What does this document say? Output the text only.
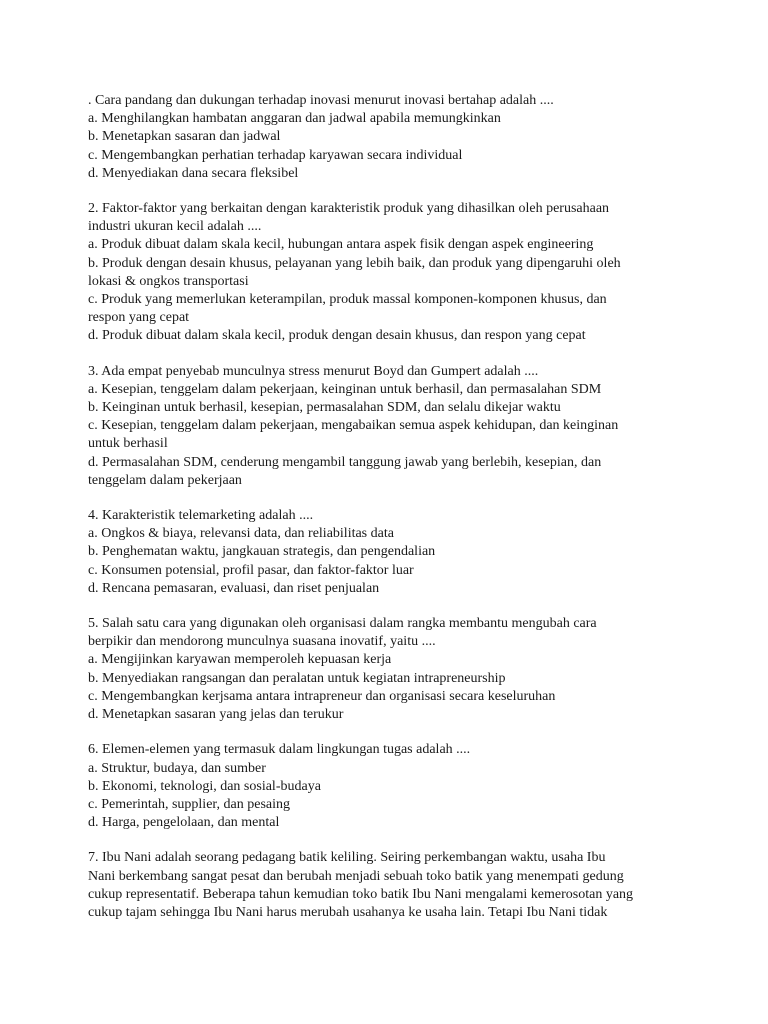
. Cara pandang dan dukungan terhadap inovasi menurut inovasi bertahap adalah ....
a. Menghilangkan hambatan anggaran dan jadwal apabila memungkinkan
b. Menetapkan sasaran dan jadwal
c. Mengembangkan perhatian terhadap karyawan secara individual
d. Menyediakan dana secara fleksibel
2. Faktor-faktor yang berkaitan dengan karakteristik produk yang dihasilkan oleh perusahaan
industri ukuran kecil adalah ....
a. Produk dibuat dalam skala kecil, hubungan antara aspek fisik dengan aspek engineering
b. Produk dengan desain khusus, pelayanan yang lebih baik, dan produk yang dipengaruhi oleh
lokasi & ongkos transportasi
c. Produk yang memerlukan keterampilan, produk massal komponen-komponen khusus, dan
respon yang cepat
d. Produk dibuat dalam skala kecil, produk dengan desain khusus, dan respon yang cepat
3. Ada empat penyebab munculnya stress menurut Boyd dan Gumpert adalah ....
a. Kesepian, tenggelam dalam pekerjaan, keinginan untuk berhasil, dan permasalahan SDM
b. Keinginan untuk berhasil, kesepian, permasalahan SDM, dan selalu dikejar waktu
c. Kesepian, tenggelam dalam pekerjaan, mengabaikan semua aspek kehidupan, dan keinginan
untuk berhasil
d. Permasalahan SDM, cenderung mengambil tanggung jawab yang berlebih, kesepian, dan
tenggelam dalam pekerjaan
4. Karakteristik telemarketing adalah ....
a. Ongkos & biaya, relevansi data, dan reliabilitas data
b. Penghematan waktu, jangkauan strategis, dan pengendalian
c. Konsumen potensial, profil pasar, dan faktor-faktor luar
d. Rencana pemasaran, evaluasi, dan riset penjualan
5. Salah satu cara yang digunakan oleh organisasi dalam rangka membantu mengubah cara
berpikir dan mendorong munculnya suasana inovatif, yaitu ....
a. Mengijinkan karyawan memperoleh kepuasan kerja
b. Menyediakan rangsangan dan peralatan untuk kegiatan intrapreneurship
c. Mengembangkan kerjsama antara intrapreneur dan organisasi secara keseluruhan
d. Menetapkan sasaran yang jelas dan terukur
6. Elemen-elemen yang termasuk dalam lingkungan tugas adalah ....
a. Struktur, budaya, dan sumber
b. Ekonomi, teknologi, dan sosial-budaya
c. Pemerintah, supplier, dan pesaing
d. Harga, pengelolaan, dan mental
7. Ibu Nani adalah seorang pedagang batik keliling. Seiring perkembangan waktu, usaha Ibu
Nani berkembang sangat pesat dan berubah menjadi sebuah toko batik yang menempati gedung
cukup representatif. Beberapa tahun kemudian toko batik Ibu Nani mengalami kemerosotan yang
cukup tajam sehingga Ibu Nani harus merubah usahanya ke usaha lain. Tetapi Ibu Nani tidak
